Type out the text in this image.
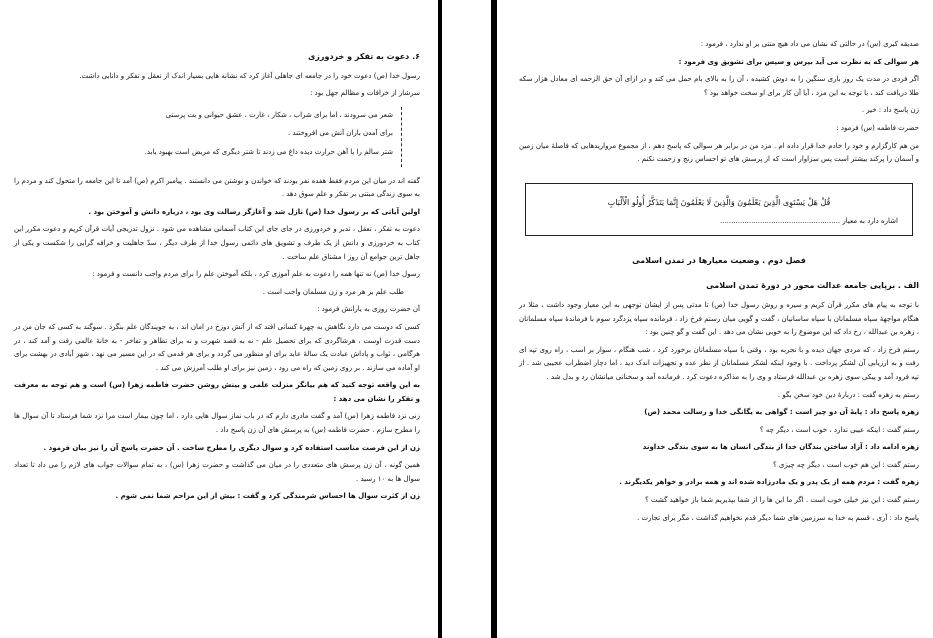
۶. دعوت به تفکر و خردورزی

رسول خدا (ص) دعوت خود را در جامعه ای جاهلی آغاز کرد که نشانه هایی بسیار اندک از تعقل و تفکر و دانایی داشت.

سرشار از خرافات و مظالم جهل بود :

شعر می سرودند ، اما برای شراب ، شکار ، غارت ، عشق حیوانی و بت پرستی

برای آمدن باران آتش می افروختند .

شتر سالم را با آهن حرارت دیده داغ می زدند تا شتر دیگری که مریض است بهبود یابد.

گفته اند در میان این مردم فقط هفده نفر بودند که خواندن و نوشتن می دانستند . پیامبر اکرم (ص) آمد تا این جامعه را متحول کند و مردم را به سوی زندگی مبتنی بر تفکر و علم سوق دهد .

اولین آیاتی که بر رسول خدا (ص) نازل شد و آغازگر رسالت وی بود ، درباره دانش و آموختن بود .

دعوت به تفکر ، تعقل ، تدبر و خردورزی در جای جای این کتاب آسمانی مشاهده می شود . نزول تدریجی آیات قرآن کریم و دعوت مکرر این کتاب به خردورزی و دانش از یک طرف و تشویق های دائمی رسول خدا از طرف دیگر ، سدّ جاهلیت و خرافه گرایی را شکست و یکی از جاهل ترین جوامع آن روز ا مشتاق علم ساخت .

رسول خدا (ص) نه تنها همه را دعوت به علم آموزی کرد ، بلکه آموختن علم را برای مردم واجب دانست و فرمود :

طلب علم بر هر مرد و زن مسلمان واجب است .

آن حضرت روزی به یارانش فرمود :

کسی که دوست می دارد نگاهش به چهرهٔ کسانی افتد که از آتش دوزخ در امان اند ، به جویندگان علم بنگرد . سوگند به کسی که جان من در دست قدرت اوست ، هرشاگردی که برای تحصیل علم - نه به قصد شهرت و نه برای تظاهر و تفاخر - به خانهٔ عالمی رفت و آمد کند ، در هرگامی ، ثواب و پاداش عبادت یک سالهٔ عابد برای او منظور می گردد و برای هر قدمی که در این مسیر می نهد ، شهر آبادی در بهشت برای او آماده می سازند . بر روی زمین که راه می رود ، زمین نیز برای او طلب آمرزش می کند .

به این واقعه توجه کنید که هم بیانگر منزلت علمی و بینش روشن حضرت فاطمه زهرا (س) است و هم توجه به معرفت و تفکر را نشان می دهد :

زنی نزد فاطمه زهرا (س) آمد و گفت مادری دارم که در باب نماز سوال هایی دارد ، اما چون بیمار است مرا نزد شما فرستاد تا آن سوال ها را مطرح سازم . حضرت فاطمه (س) به پرسش های آن زن پاسخ داد .

زن از این فرصت مناسب استفاده کرد و سوال دیگری را مطرح ساخت . آن حضرت پاسخ آن را نیز بیان فرمود .

همین گونه ، آن زن پرسش های متعددی را در میان می گذاشت و حضرت زهرا (س) ، به تمام سوالات جواب های لازم را می داد تا تعداد سوال ها به ۱۰ رسید .

زن از کثرت سوال ها احساس شرمندگی کرد و گفت : بیش از این مزاحم شما نمی شوم .

صدیقه کبری (س) در حالتی که نشان می داد هیچ منتی بر او ندارد ، فرمود :

هر سوالی که به نظرت می آید بپرس و سپس برای تشویق وی فرمود :

اگر فردی در مدت یک روز باری سنگین را به دوش کشیده ، آن را به بالای بام حمل می کند و در ازای آن حق الزحمه ای معادل هزار سکه طلا دریافت کند ، با توجه به این مزد ، آیا آن کار برای او سخت خواهد بود ؟

زن پاسخ داد : خیر .

حضرت فاطمه (س) فرمود :

من هم کارگزارم و خود را خادم خدا قرار داده ام . مزد من در برابر هر سوالی که پاسخ دهم ، از مجموع مرواریدهایی که فاصلهٔ میان زمین و آسمان را پرکند بیشتر است پس سزاوار است که از پرسش های تو احساس رنج و زحمت نکنم .

قُلْ هَلْ یَسْتَوِی الَّذِینَ یَعْلَمُونَ وَالَّذِینَ لَا یَعْلَمُونَ إِنَّمَا یَتَذَكَّرُ أُولُو الْأَلْبَابِ
اشاره دارد به معیار ......................................................

فصل دوم . وضعیت معیارها در تمدن اسلامی

الف . برپایی جامعه عدالت محور در دورهٔ تمدن اسلامی

با توجه به پیام های مکرر قرآن کریم و سیره و روش رسول خدا (ص) تا مدتی پس از ایشان توجهی به این معیار وجود داشت ، مثلا در هنگام مواجههٔ سپاه مسلمانان با سپاه ساسانیان ، گفت و گویی میان رستم فرخ زاد ، فرمانده سپاه یزدگرد سوم با فرماندهٔ سپاه مسلمانان ، زهره بن عبدالله ، رخ داد که این موضوع را به خوبی نشان می دهد . این گفت و گو چنین بود :

رستم فرخ زاد ، که مردی جهان دیده و با تجربه بود ، وقتی با سپاه مسلمانان برخورد کرد ، شب هنگام ، سوار بر اسب ، راه روی تپه ای رفت و به ارزیابی آن لشکر پرداخت . با وجود اینکه لشکر مسلمانان از نظر عده و تجهیزات اندک دید ، اما دچار اضطراب عجیبی شد . از تپه فرود آمد و پیکی سوی زهره بن عبدالله فرستاد و وی را به مذاکره دعوت کرد . فرمانده آمد و سخنانی میانشان رد و بدل شد .

رستم به زهره گفت : دربارهٔ دین خود سخن بگو .

زهره پاسخ داد : پایهٔ آن دو چیز است : گواهی به یگانگی خدا و رسالت محمد (ص)

رستم گفت : اینکه عیبی ندارد ، خوب است ، دیگر چه ؟

زهره ادامه داد : آزاد ساختن بندگان خدا از بندگی انسان ها به سوی بندگی خداوند

رستم گفت : این هم خوب است ، دیگر چه چیزی ؟

زهره گفت : مردم همه از یک پدر و یک مادرزاده شده اند و همه برادر و خواهر یکدیگرند .

رستم گفت : این نیز خیلی خوب است . اگر ما این ها را از شما بپذیریم شما باز خواهید گشت ؟

پاسخ داد : آری ، قسم به خدا به سرزمین های شما دیگر قدم نخواهیم گذاشت ، مگر برای تجارت .
